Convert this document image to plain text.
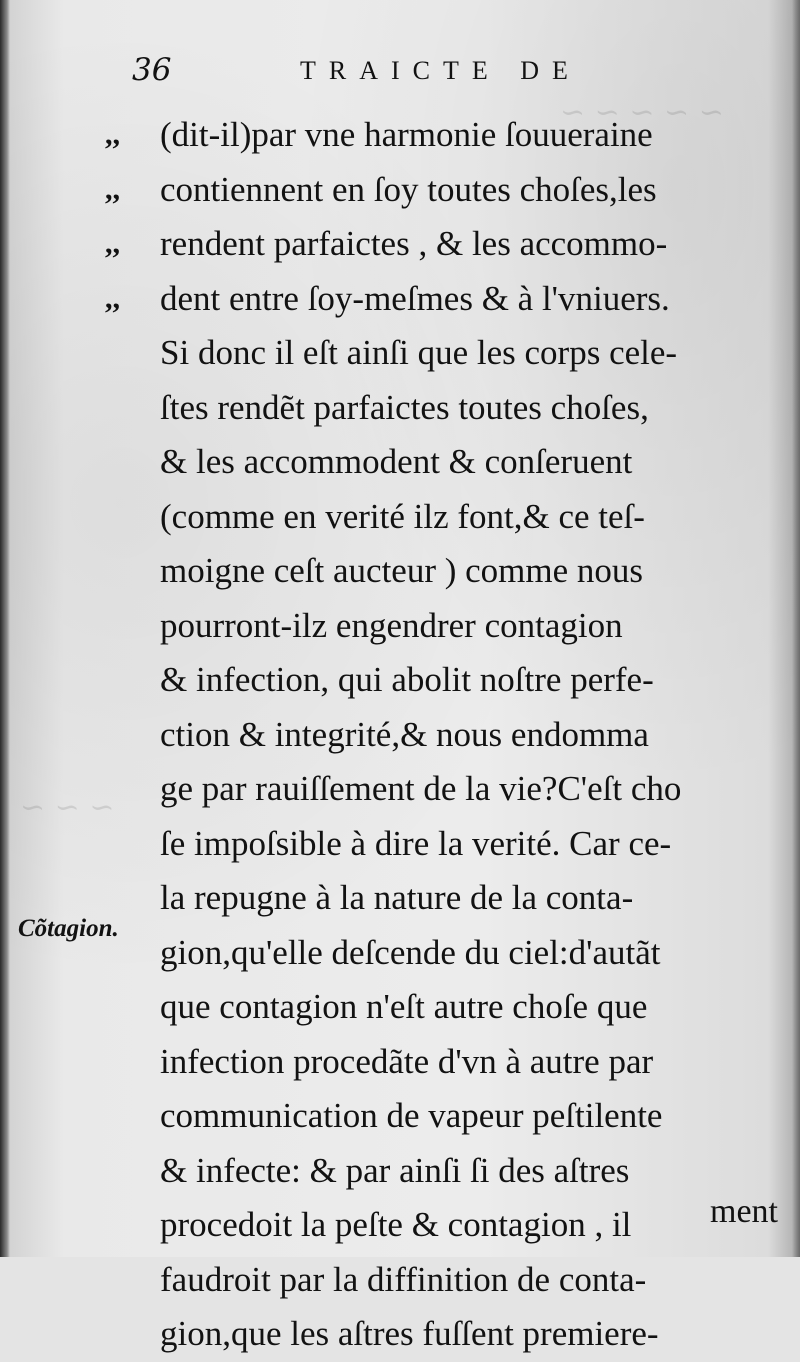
~ ~ ~ ~ ~
~ ~ ~
36	TRAICTE DE
,,	(dit-il)par vne harmonie ſouueraine
,,	contiennent en ſoy toutes choſes,les
,,	rendent parfaictes , & les accommo-
,,	dent entre ſoy-meſmes & à l'vniuers.
Si donc il eſt ainſi que les corps cele-
ſtes rendẽt parfaictes toutes choſes,
& les accommodent & conſeruent
(comme en verité ilz font,& ce teſ-
moigne ceſt aucteur ) comme nous
pourront-ilz engendrer contagion
& infection, qui abolit noſtre perfe-
ction & integrité,& nous endomma
ge par rauiſſement de la vie?C'eſt cho
ſe impoſsible à dire la verité. Car ce-
la repugne à la nature de la conta-
gion,qu'elle deſcende du ciel:d'autãt
que contagion n'eſt autre choſe que
infection procedãte d'vn à autre par
communication de vapeur peſtilente
& infecte: & par ainſi ſi des aſtres
procedoit la peſte & contagion , il
faudroit par la diffinition de conta-
gion,que les aſtres fuſſent premiere-
Cõtagion.
ment
